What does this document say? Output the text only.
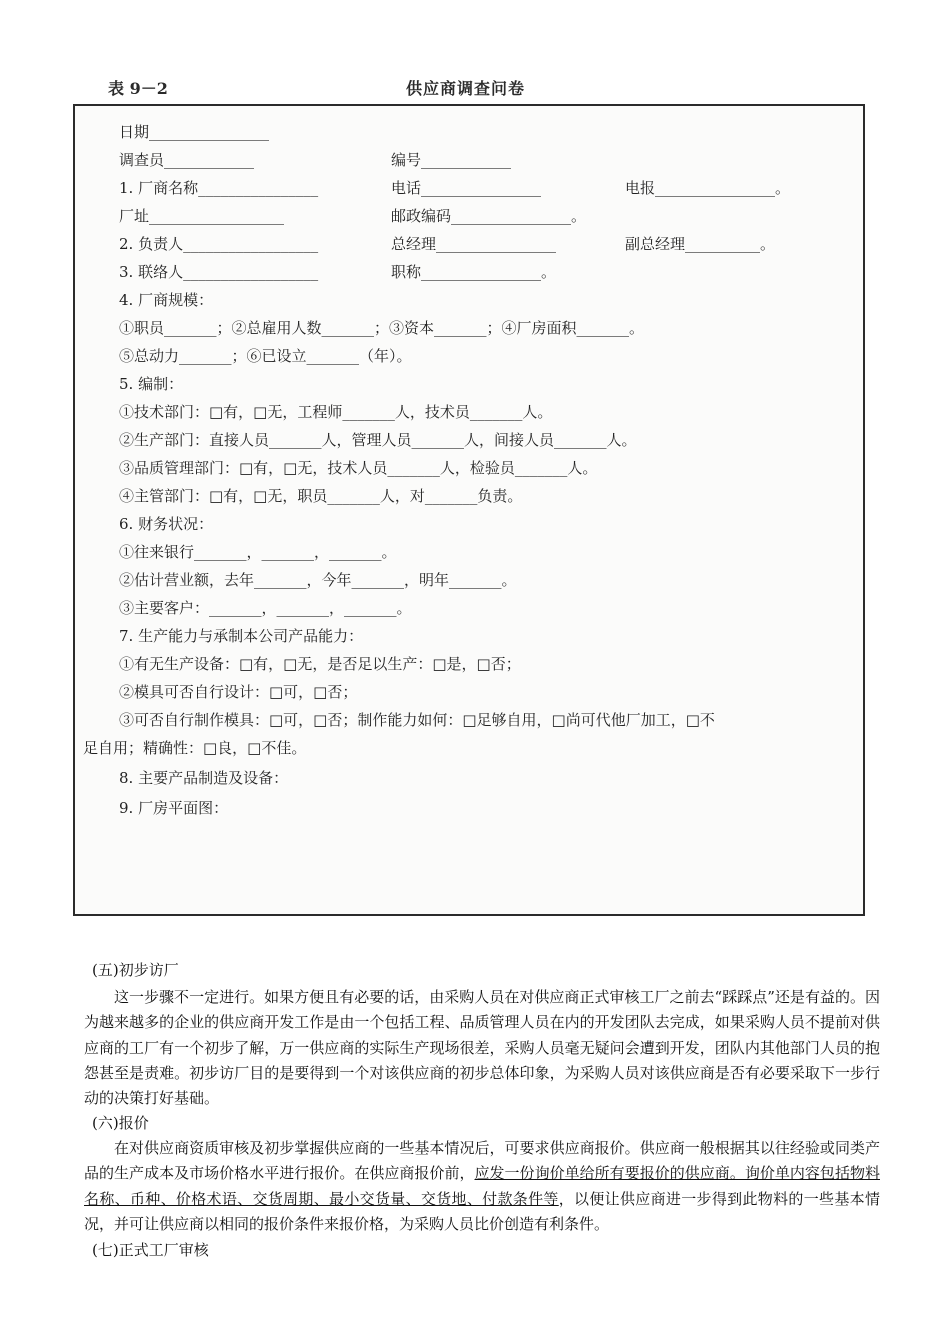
表 9－2	供应商调查问卷
日期________________
调查员____________	编号____________
1. 厂商名称________________	电话________________	电报________________。
厂址__________________	邮政编码________________。
2. 负责人__________________	总经理________________	副总经理__________。
3. 联络人__________________	职称________________。
4. 厂商规模：
①职员_______；②总雇用人数_______；③资本_______；④厂房面积_______。
⑤总动力_______；⑥已设立_______（年）。
5. 编制：
①技术部门：□有，□无，工程师_______人，技术员_______人。
②生产部门：直接人员_______人，管理人员_______人，间接人员_______人。
③品质管理部门：□有，□无，技术人员_______人，检验员_______人。
④主管部门：□有，□无，职员_______人，对_______负责。
6. 财务状况：
①往来银行_______，_______，_______。
②估计营业额，去年_______，今年_______，明年_______。
③主要客户：_______，_______，_______。
7. 生产能力与承制本公司产品能力：
①有无生产设备：□有，□无，是否足以生产：□是，□否；
②模具可否自行设计：□可，□否；
③可否自行制作模具：□可，□否；制作能力如何：□足够自用，□尚可代他厂加工，□不
足自用；精确性：□良，□不佳。
8. 主要产品制造及设备：
9. 厂房平面图：
(五)初步访厂
这一步骤不一定进行。如果方便且有必要的话，由采购人员在对供应商正式审核工厂之前去“踩踩点”还是有益的。因为越来越多的企业的供应商开发工作是由一个包括工程、品质管理人员在内的开发团队去完成，如果采购人员不提前对供应商的工厂有一个初步了解，万一供应商的实际生产现场很差，采购人员毫无疑问会遭到开发，团队内其他部门人员的抱怨甚至是责难。初步访厂目的是要得到一个对该供应商的初步总体印象，为采购人员对该供应商是否有必要采取下一步行动的决策打好基础。
(六)报价
在对供应商资质审核及初步掌握供应商的一些基本情况后，可要求供应商报价。供应商一般根据其以往经验或同类产品的生产成本及市场价格水平进行报价。在供应商报价前，应发一份询价单给所有要报价的供应商。询价单内容包括物料名称、币种、价格术语、交货周期、最小交货量、交货地、付款条件等，以便让供应商进一步得到此物料的一些基本情况，并可让供应商以相同的报价条件来报价格，为采购人员比价创造有利条件。
(七)正式工厂审核
